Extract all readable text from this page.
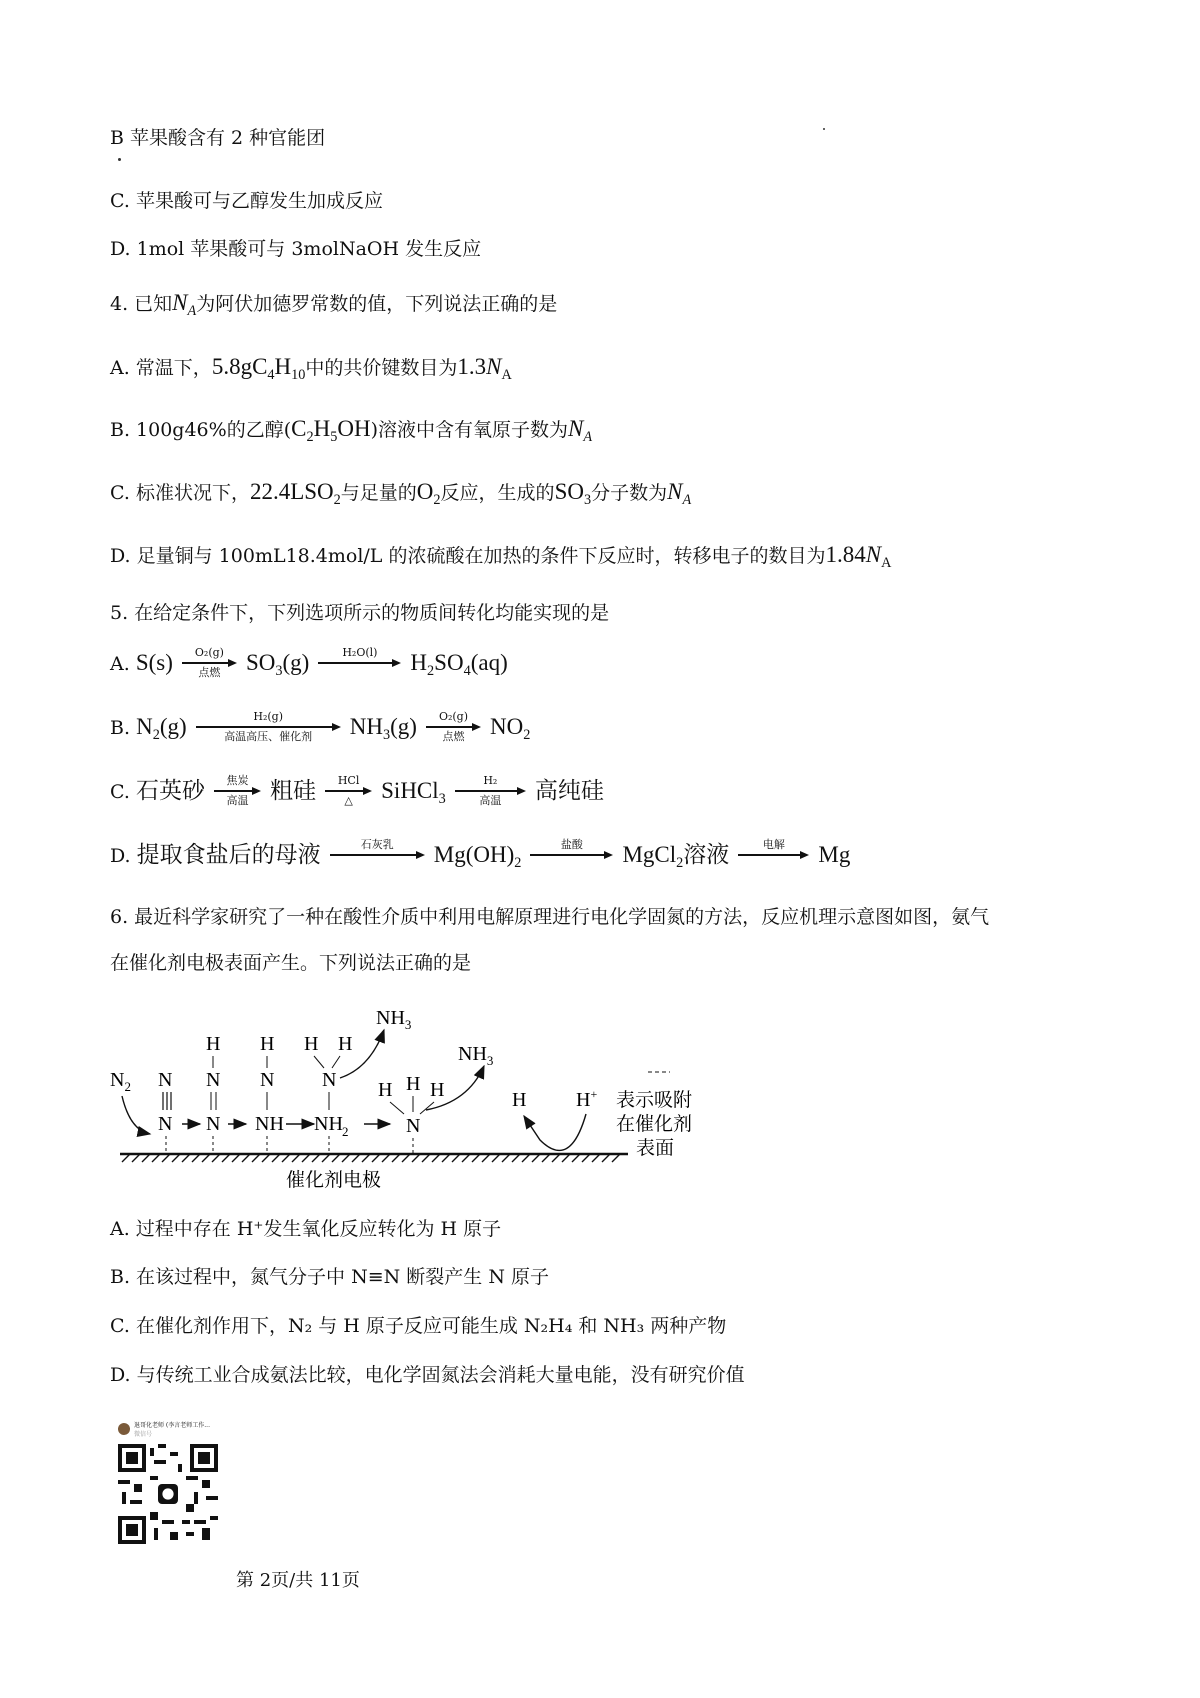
B 苹果酸含有 2 种官能团
C. 苹果酸可与乙醇发生加成反应
D. 1mol 苹果酸可与 3molNaOH 发生反应
4. 已知$N_A$为阿伏加德罗常数的值，下列说法正确的是
A. 常温下，$5.8gC_4H_{10}$中的共价键数目为$1.3N_A$
B. 100g46%的乙醇$(C_2H_5OH)$溶液中含有氧原子数为$N_A$
C. 标准状况下，$22.4LSO_2$与足量的$O_2$反应，生成的$SO_3$分子数为$N_A$
D. 足量铜与 100mL18.4mol/L 的浓硫酸在加热的条件下反应时，转移电子的数目为$1.84N_A$
5. 在给定条件下，下列选项所示的物质间转化均能实现的是
A. S(s) O₂(g)
点燃 $SO_3(g)$	H₂O(l) $H_2SO_4(aq)$
B. $N_2(g)$	H₂(g)
高温高压、催化剂 $NH_3(g)$ O₂(g)
点燃 $NO_2$
C. 石英砂 焦炭
高温 粗硅 HCl
△ SiHCl$_3$
H₂
高温 高纯硅
D. 提取食盐后的母液	石灰乳 $Mg(OH)_2$
盐酸 MgCl$_2$溶液	电解 Mg
6. 最近科学家研究了一种在酸性介质中利用电解原理进行电化学固氮的方法，反应机理示意图如图，氨气
在催化剂电极表面产生。下列说法正确的是
$N_2$ N
N
H
N
N
H
N
NH
H H
N
NH 2
$NH_3$
H H H
N
$NH_3$
H H+ 表示吸附
在催化剂
表面
催化剂电极
A. 过程中存在 H⁺发生氧化反应转化为 H 原子
B. 在该过程中，氮气分子中 N≡N 断裂产生 N 原子
C. 在催化剂作用下，N₂ 与 H 原子反应可能生成 N₂H₄ 和 NH₃ 两种产物
D. 与传统工业合成氨法比较，电化学固氮法会消耗大量电能，没有研究价值
退哥化老师 (李言老师工作...
微信号
第 2页/共 11页
